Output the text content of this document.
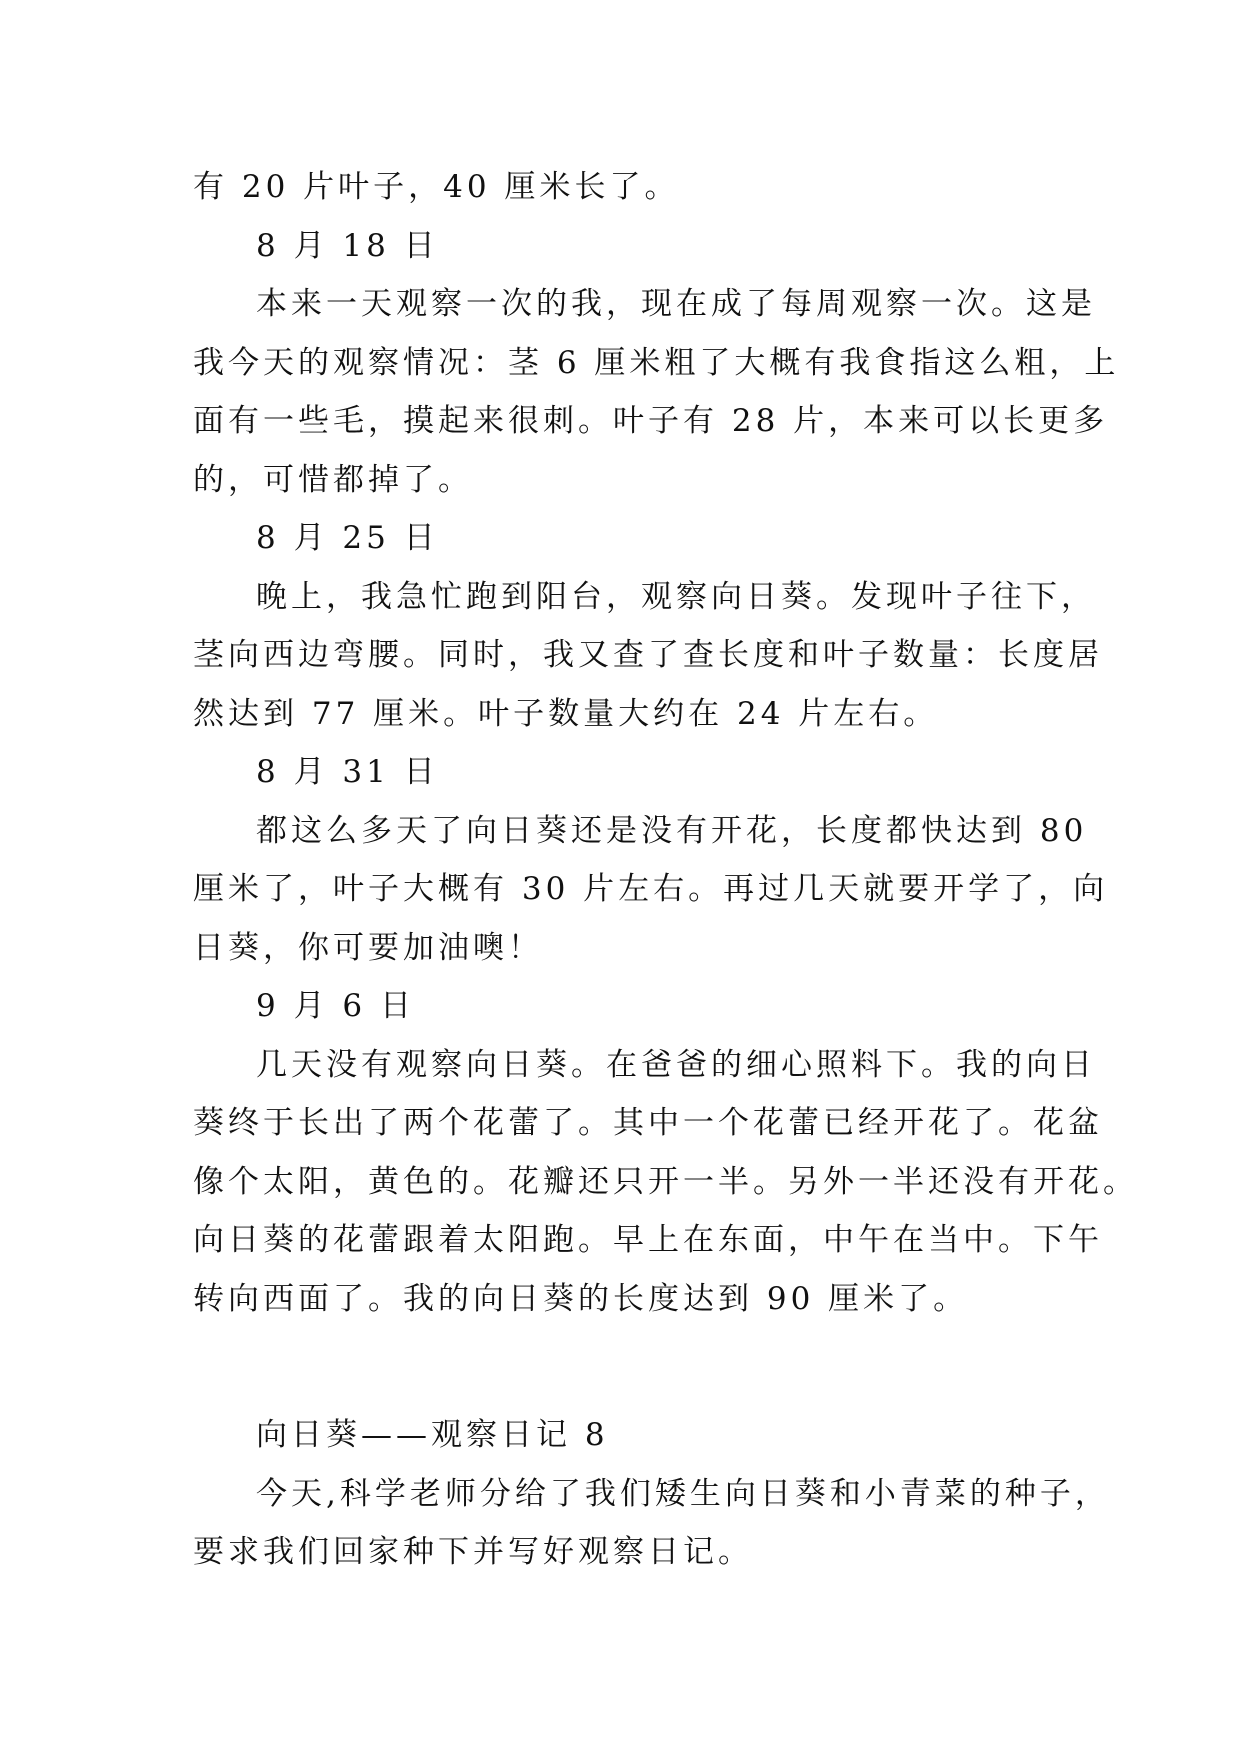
有 20 片叶子，40 厘米长了。

8 月 18 日

本来一天观察一次的我，现在成了每周观察一次。这是

我今天的观察情况：茎 6 厘米粗了大概有我食指这么粗，上

面有一些毛，摸起来很刺。叶子有 28 片，本来可以长更多

的，可惜都掉了。

8 月 25 日

晚上，我急忙跑到阳台，观察向日葵。发现叶子往下，

茎向西边弯腰。同时，我又查了查长度和叶子数量：长度居

然达到 77 厘米。叶子数量大约在 24 片左右。

8 月 31 日

都这么多天了向日葵还是没有开花，长度都快达到 80

厘米了，叶子大概有 30 片左右。再过几天就要开学了，向

日葵，你可要加油噢！

9 月 6 日

几天没有观察向日葵。在爸爸的细心照料下。我的向日

葵终于长出了两个花蕾了。其中一个花蕾已经开花了。花盆

像个太阳，黄色的。花瓣还只开一半。另外一半还没有开花。

向日葵的花蕾跟着太阳跑。早上在东面，中午在当中。下午

转向西面了。我的向日葵的长度达到 90 厘米了。

向日葵——观察日记 8

今天,科学老师分给了我们矮生向日葵和小青菜的种子，

要求我们回家种下并写好观察日记。
